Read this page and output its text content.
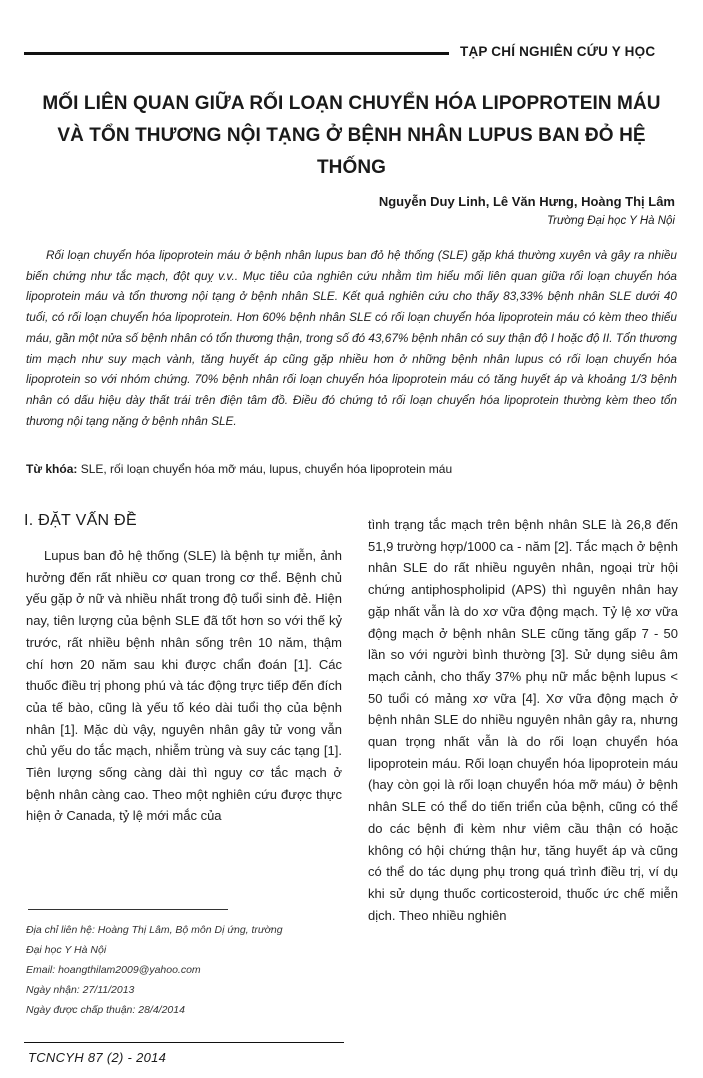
TẠP CHÍ NGHIÊN CỨU Y HỌC
MỐI LIÊN QUAN GIỮA RỐI LOẠN CHUYỂN HÓA LIPOPROTEIN MÁU VÀ TỔN THƯƠNG NỘI TẠNG Ở BỆNH NHÂN LUPUS BAN ĐỎ HỆ THỐNG
Nguyễn Duy Linh, Lê Văn Hưng, Hoàng Thị Lâm
Trường Đại học Y Hà Nội

Rối loạn chuyển hóa lipoprotein máu ở bệnh nhân lupus ban đỏ hệ thống (SLE) gặp khá thường xuyên và gây ra nhiều biến chứng như tắc mạch, đột quỵ v.v.. Mục tiêu của nghiên cứu nhằm tìm hiểu mối liên quan giữa rối loạn chuyển hóa lipoprotein máu và tổn thương nội tạng ở bệnh nhân SLE. Kết quả nghiên cứu cho thấy 83,33% bệnh nhân SLE dưới 40 tuổi, có rối loạn chuyển hóa lipoprotein. Hơn 60% bệnh nhân SLE có rối loạn chuyển hóa lipoprotein máu có kèm theo thiếu máu, gần một nửa số bệnh nhân có tổn thương thận, trong số đó 43,67% bệnh nhân có suy thận độ I hoặc độ II. Tổn thương tim mạch như suy mạch vành, tăng huyết áp cũng gặp nhiều hơn ở những bệnh nhân lupus có rối loạn chuyển hóa lipoprotein so với nhóm chứng. 70% bệnh nhân rối loạn chuyển hóa lipoprotein máu có tăng huyết áp và khoảng 1/3 bệnh nhân có dấu hiệu dày thất trái trên điện tâm đồ. Điều đó chứng tỏ rối loạn chuyển hóa lipoprotein thường kèm theo tổn thương nội tạng nặng ở bệnh nhân SLE.

Từ khóa: SLE, rối loạn chuyển hóa mỡ máu, lupus, chuyển hóa lipoprotein máu
I. ĐẶT VẤN ĐỀ

Lupus ban đỏ hệ thống (SLE) là bệnh tự miễn, ảnh hưởng đến rất nhiều cơ quan trong cơ thể. Bệnh chủ yếu gặp ở nữ và nhiều nhất trong độ tuổi sinh đẻ. Hiện nay, tiên lượng của bệnh SLE đã tốt hơn so với thế kỷ trước, rất nhiều bệnh nhân sống trên 10 năm, thậm chí hơn 20 năm sau khi được chẩn đoán [1]. Các thuốc điều trị phong phú và tác động trực tiếp đến đích của tế bào, cũng là yếu tố kéo dài tuổi thọ của bệnh nhân [1]. Mặc dù vậy, nguyên nhân gây tử vong vẫn chủ yếu do tắc mạch, nhiễm trùng và suy các tạng [1]. Tiên lượng sống càng dài thì nguy cơ tắc mạch ở bệnh nhân càng cao. Theo một nghiên cứu được thực hiện ở Canada, tỷ lệ mới mắc của

tình trạng tắc mạch trên bệnh nhân SLE là 26,8 đến 51,9 trường hợp/1000 ca - năm [2]. Tắc mạch ở bệnh nhân SLE do rất nhiều nguyên nhân, ngoại trừ hội chứng antiphospholipid (APS) thì nguyên nhân hay gặp nhất vẫn là do xơ vữa động mạch. Tỷ lệ xơ vữa động mạch ở bệnh nhân SLE cũng tăng gấp 7 - 50 lần so với người bình thường [3]. Sử dụng siêu âm mạch cảnh, cho thấy 37% phụ nữ mắc bệnh lupus < 50 tuổi có mảng xơ vữa [4]. Xơ vữa động mạch ở bệnh nhân SLE do nhiều nguyên nhân gây ra, nhưng quan trọng nhất vẫn là do rối loạn chuyển hóa lipoprotein máu. Rối loạn chuyển hóa lipoprotein máu (hay còn gọi là rối loạn chuyển hóa mỡ máu) ở bệnh nhân SLE có thể do tiến triển của bệnh, cũng có thể do các bệnh đi kèm như viêm cầu thận có hoặc không có hội chứng thận hư, tăng huyết áp và cũng có thể do tác dụng phụ trong quá trình điều trị, ví dụ khi sử dụng thuốc corticosteroid, thuốc ức chế miễn dịch. Theo nhiều nghiên

Địa chỉ liên hệ: Hoàng Thị Lâm, Bộ môn Dị ứng, trường
Đại học Y Hà Nội
Email: hoangthilam2009@yahoo.com
Ngày nhận: 27/11/2013
Ngày được chấp thuận: 28/4/2014
TCNCYH 87 (2) - 2014
